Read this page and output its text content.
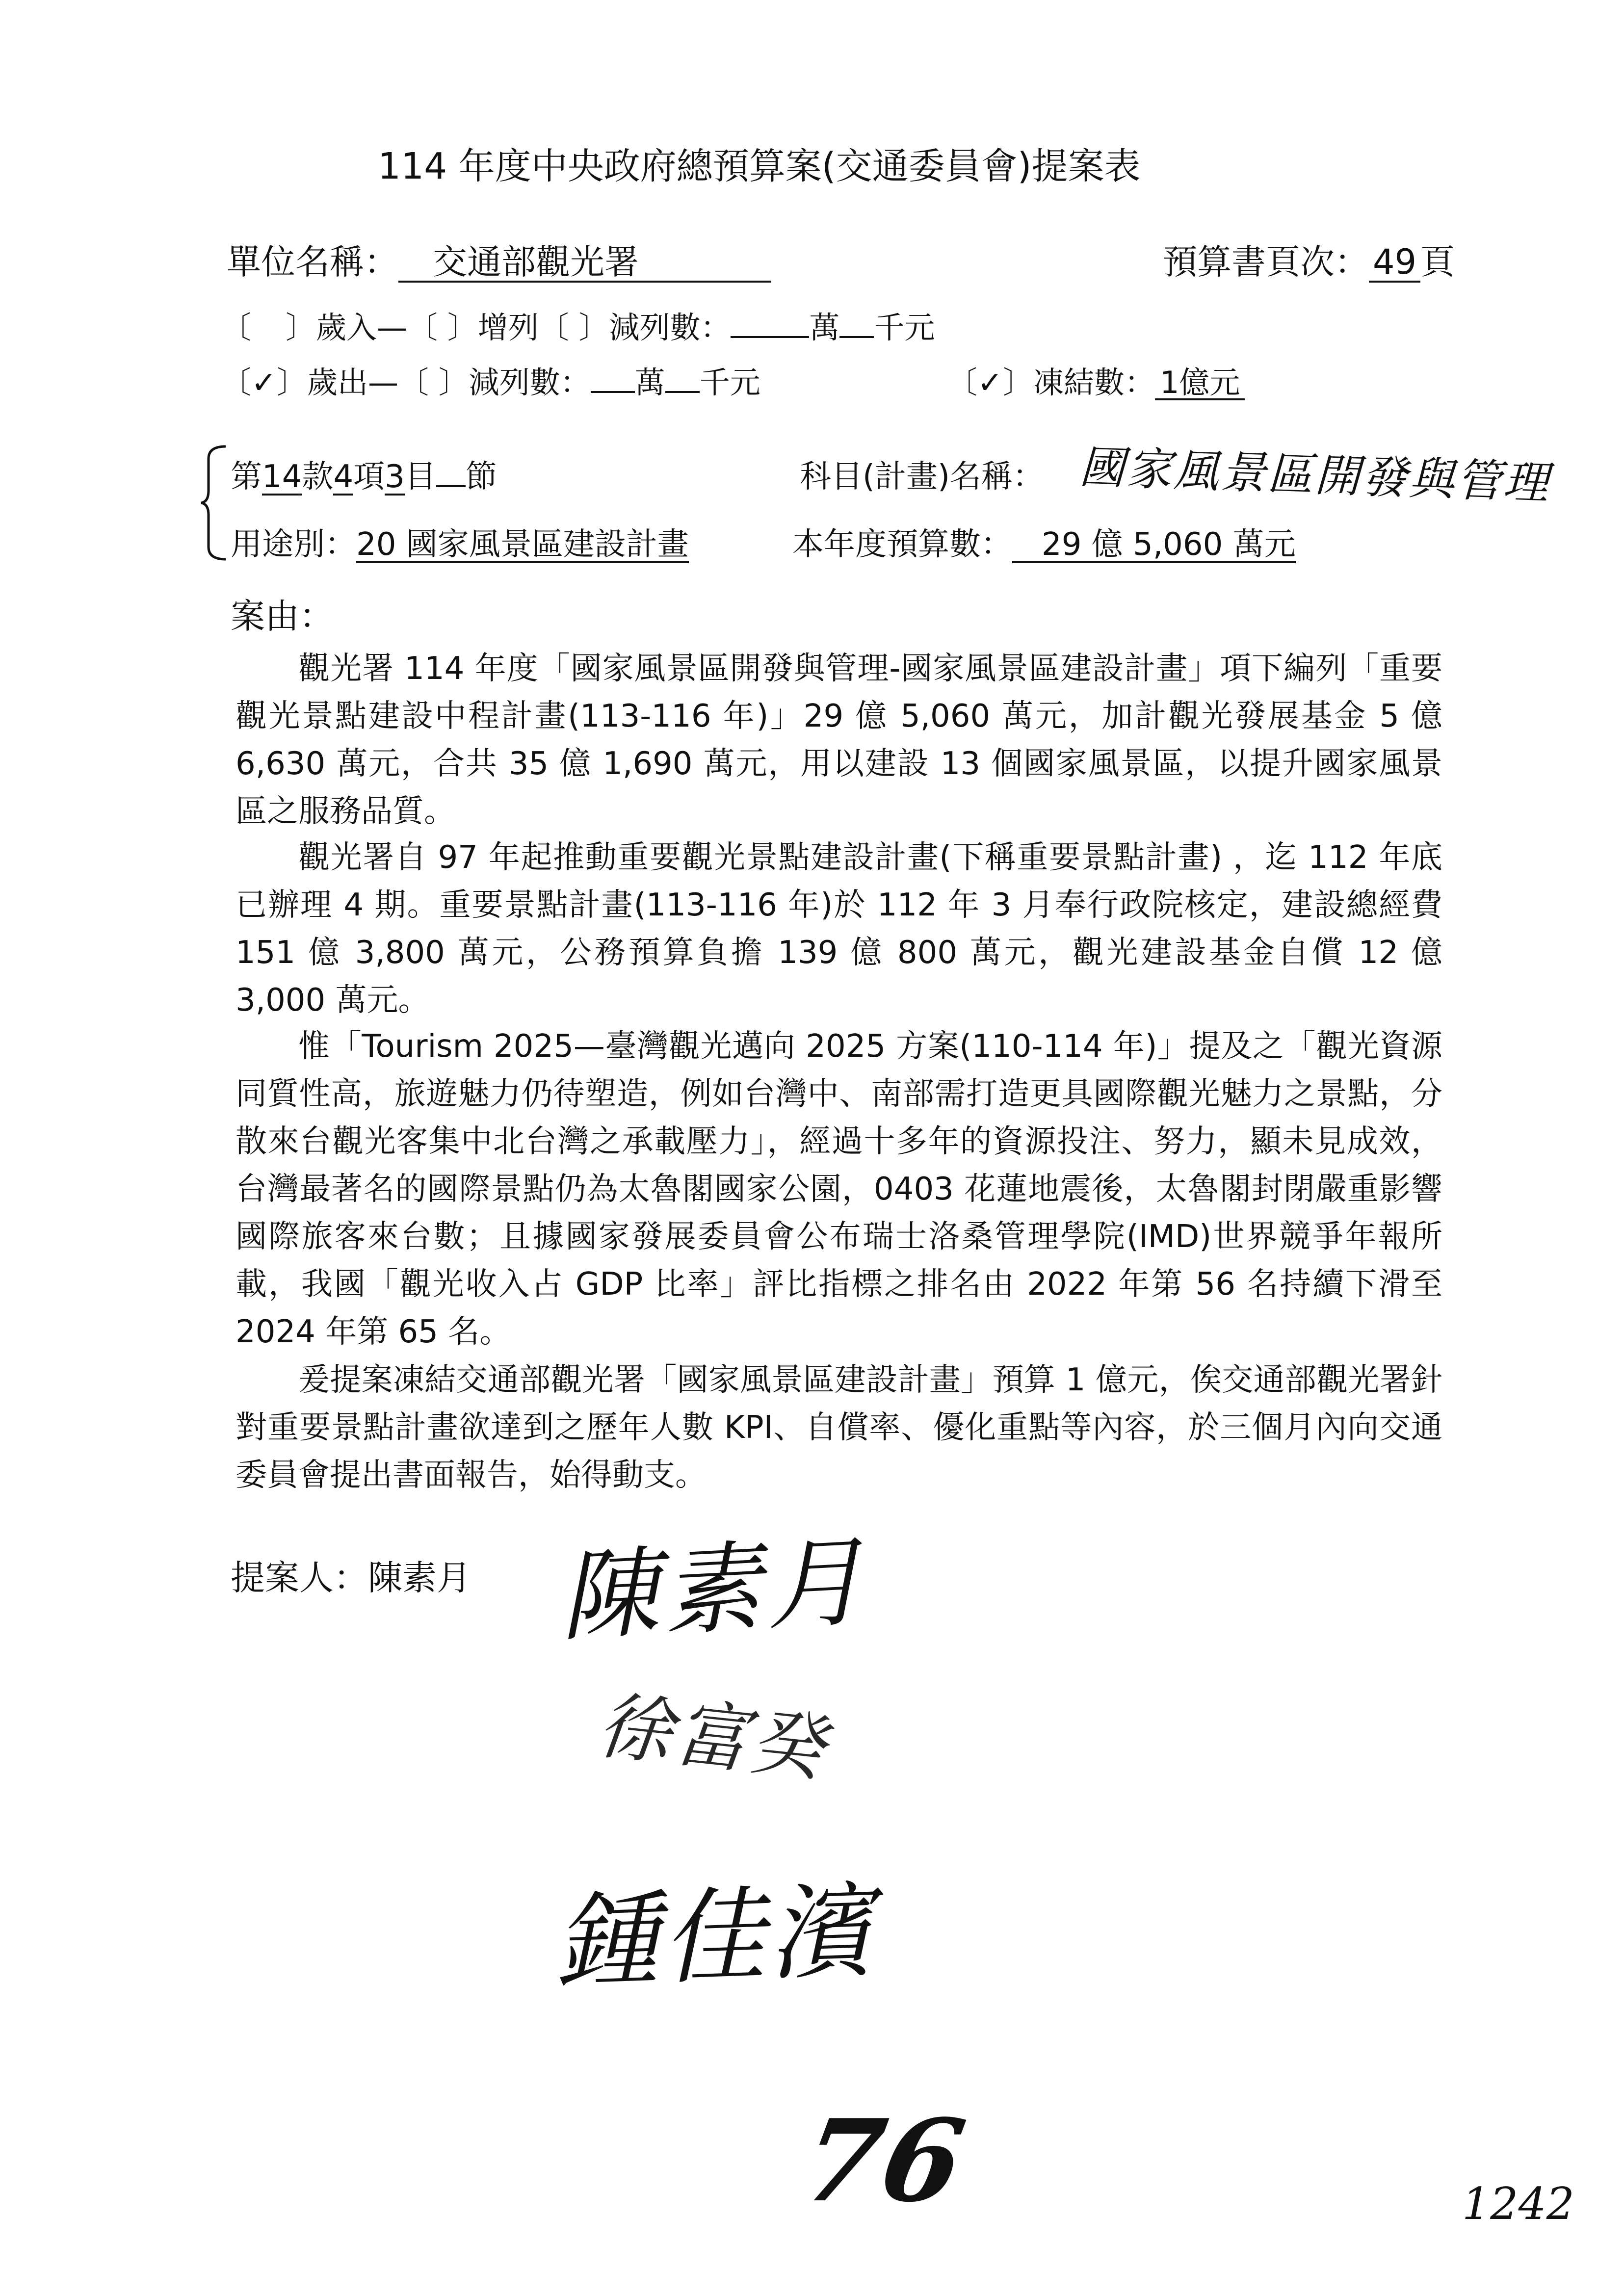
114 年度中央政府總預算案(交通委員會)提案表
單位名稱： 交通部觀光署	預算書頁次： 49 頁
〔 〕歲入—〔 〕增列〔 〕減列數：	萬 千元
〔✓〕歲出—〔 〕減列數： 萬 千元	〔✓〕凍結數： 1億元
第14款4項3目 節	科目(計畫)名稱： 國家風景區開發與管理
用途別：20 國家風景區建設計畫	本年度預算數： 29 億 5,060 萬元
案由：
觀光署 114 年度「國家風景區開發與管理-國家風景區建設計畫」項下編列「重要觀光景點建設中程計畫(113-116 年)」29 億 5,060 萬元，加計觀光發展基金 5 億 6,630 萬元，合共 35 億 1,690 萬元，用以建設 13 個國家風景區，以提升國家風景區之服務品質。
觀光署自 97 年起推動重要觀光景點建設計畫(下稱重要景點計畫) ，迄 112 年底已辦理 4 期。重要景點計畫(113-116 年)於 112 年 3 月奉行政院核定，建設總經費 151 億 3,800 萬元，公務預算負擔 139 億 800 萬元，觀光建設基金自償 12 億 3,000 萬元。
惟「Tourism 2025—臺灣觀光邁向 2025 方案(110-114 年)」提及之「觀光資源同質性高，旅遊魅力仍待塑造，例如台灣中、南部需打造更具國際觀光魅力之景點，分散來台觀光客集中北台灣之承載壓力」，經過十多年的資源投注、努力，顯未見成效，台灣最著名的國際景點仍為太魯閣國家公園，0403 花蓮地震後，太魯閣封閉嚴重影響國際旅客來台數；且據國家發展委員會公布瑞士洛桑管理學院(IMD)世界競爭年報所載，我國「觀光收入占 GDP 比率」評比指標之排名由 2022 年第 56 名持續下滑至 2024 年第 65 名。
爰提案凍結交通部觀光署「國家風景區建設計畫」預算 1 億元，俟交通部觀光署針對重要景點計畫欲達到之歷年人數 KPI、自償率、優化重點等內容，於三個月內向交通委員會提出書面報告，始得動支。
提案人：陳素月 陳素月
徐富癸
鍾佳濱
76	1242
